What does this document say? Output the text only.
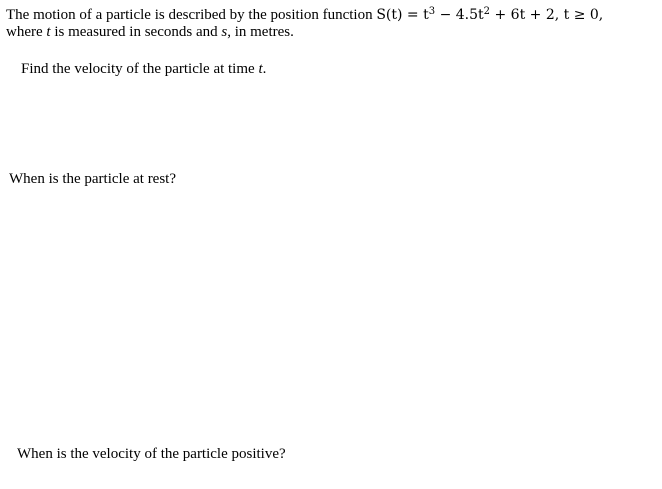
The motion of a particle is described by the position function $S(t) = t^3 - 4.5t^2 + 6t + 2$, t ≥ 0,
where t is measured in seconds and s, in metres.
Find the velocity of the particle at time t.
When is the particle at rest?
When is the velocity of the particle positive?
